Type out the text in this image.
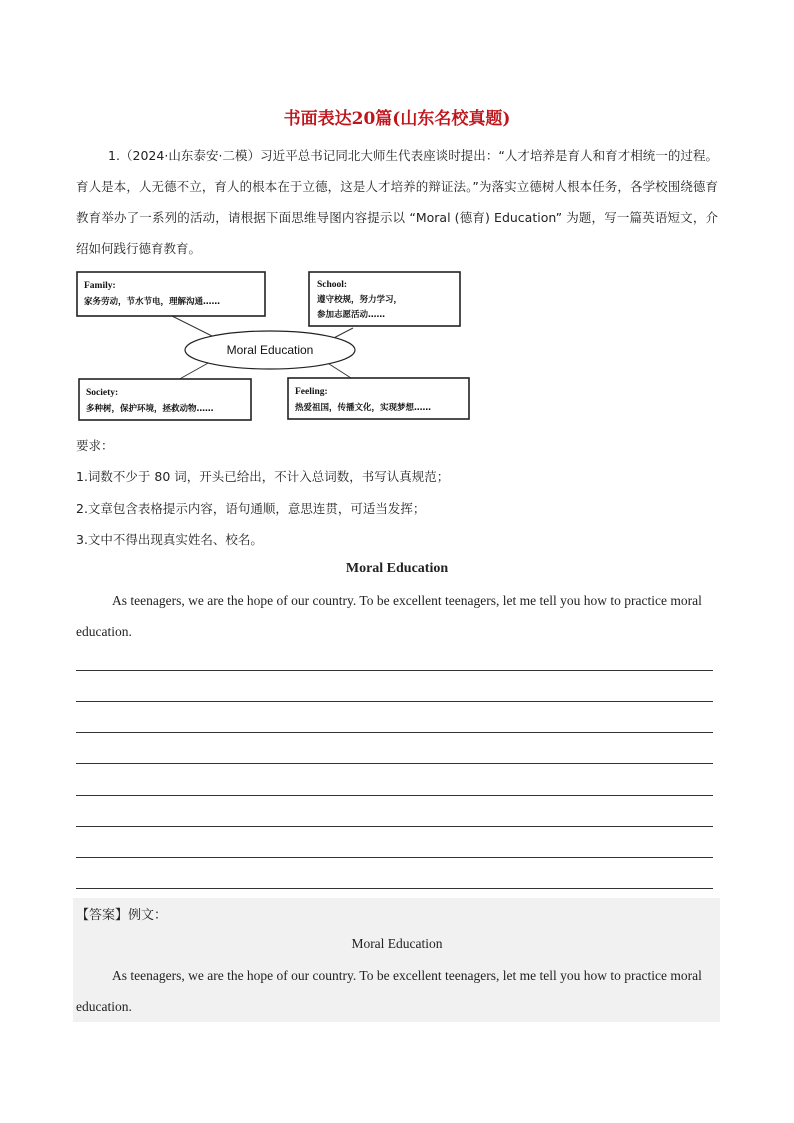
书面表达20篇(山东名校真题)
1.（2024·山东泰安·二模）习近平总书记同北大师生代表座谈时提出：“人才培养是育人和育才相统一的过程。育人是本，人无德不立，育人的根本在于立德，这是人才培养的辩证法。”为落实立德树人根本任务，各学校围绕德育教育举办了一系列的活动，请根据下面思维导图内容提示以 “Moral (德育) Education” 为题，写一篇英语短文，介绍如何践行德育教育。
Moral Education
Family:
家务劳动，节水节电，理解沟通……
School:
遵守校规，努力学习，
参加志愿活动……
Society:
多种树，保护环境，拯救动物……
Feeling:
热爱祖国，传播文化，实现梦想……
要求：
1.词数不少于 80 词，开头已给出，不计入总词数，书写认真规范；
2.文章包含表格提示内容，语句通顺，意思连贯，可适当发挥；
3.文中不得出现真实姓名、校名。
Moral Education
As teenagers, we are the hope of our country. To be excellent teenagers, let me tell you how to practice moral education.
【答案】例文：
Moral Education
As teenagers, we are the hope of our country. To be excellent teenagers, let me tell you how to practice moral education.
